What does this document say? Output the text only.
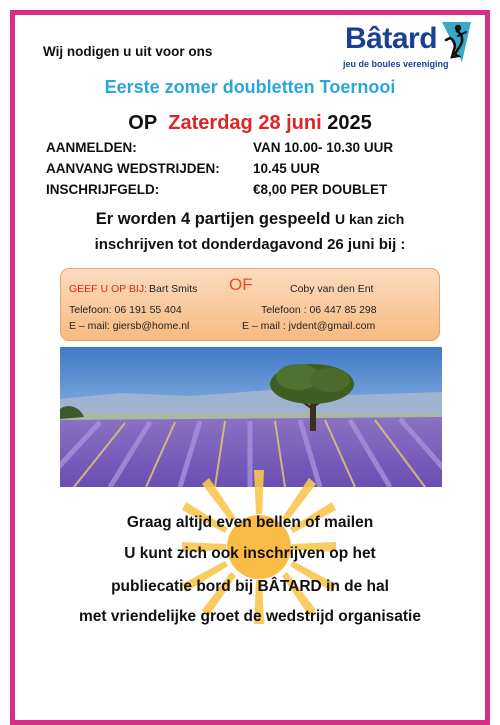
Wij nodigen u uit voor ons	Bâtard
jeu de boules vereniging
Eerste zomer doubletten Toernooi
OP Zaterdag 28 juni 2025
AANMELDEN:	VAN 10.00- 10.30 UUR
AANVANG WEDSTRIJDEN: 10.45 UUR
INSCHRIJFGELD:	€8,00 PER DOUBLET
Er worden 4 partijen gespeeld U kan zich
inschrijven tot donderdagavond 26 juni bij :
GEEF U OP BIJ: Bart Smits OF	Coby van den Ent
Telefoon: 06 191 55 404	Telefoon : 06 447 85 298
E – mail: giersb@home.nl	E – mail : jvdent@gmail.com
Graag altijd even bellen of mailen
U kunt zich ook inschrijven op het
publiecatie bord bij BÂTARD in de hal
met vriendelijke groet de wedstrijd organisatie
